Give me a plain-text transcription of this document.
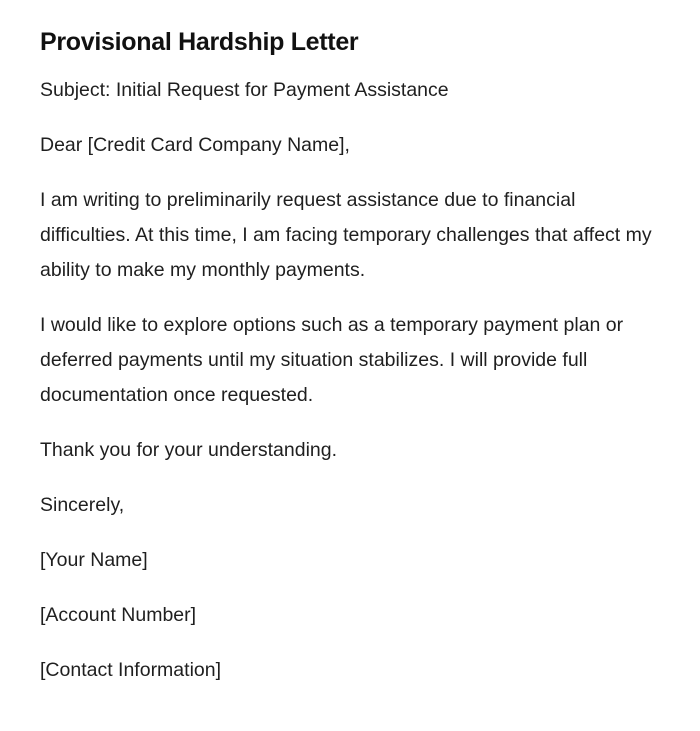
Provisional Hardship Letter

Subject: Initial Request for Payment Assistance

Dear [Credit Card Company Name],

I am writing to preliminarily request assistance due to financial difficulties. At this time, I am facing temporary challenges that affect my ability to make my monthly payments.

I would like to explore options such as a temporary payment plan or deferred payments until my situation stabilizes. I will provide full documentation once requested.

Thank you for your understanding.

Sincerely,

[Your Name]

[Account Number]

[Contact Information]
